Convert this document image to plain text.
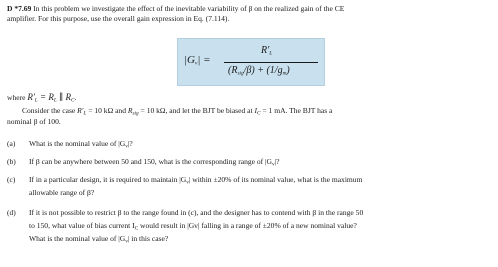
D *7.69 In this problem we investigate the effect of the inevitable variability of β on the realized gain of the CE
amplifier. For this purpose, use the overall gain expression in Eq. (7.114).
$|G_v|$ =
$R'_L$
$(R_{sig}/\beta) + (1/g_m)$
where $R'_L = R_L$ ∥ $R_C$.
Consider the case $R'_L = 10$ kΩ and $R_{sig} = 10$ kΩ, and let the BJT be biased at $I_C = 1$ mA. The BJT has a
nominal β of 100.
(a) What is the nominal value of $|G_v|$?
(b) If β can be anywhere between 50 and 150, what is the corresponding range of $|G_v|$?
(c) If in a particular design, it is required to maintain $|G_v|$ within ±20% of its nominal value, what is the maximum
allowable range of β?
(d) If it is not possible to restrict β to the range found in (c), and the designer has to contend with β in the range 50
to 150, what value of bias current $I_C$ would result in |Gv| falling in a range of ±20% of a new nominal value?
What is the nominal value of $|G_v|$ in this case?
